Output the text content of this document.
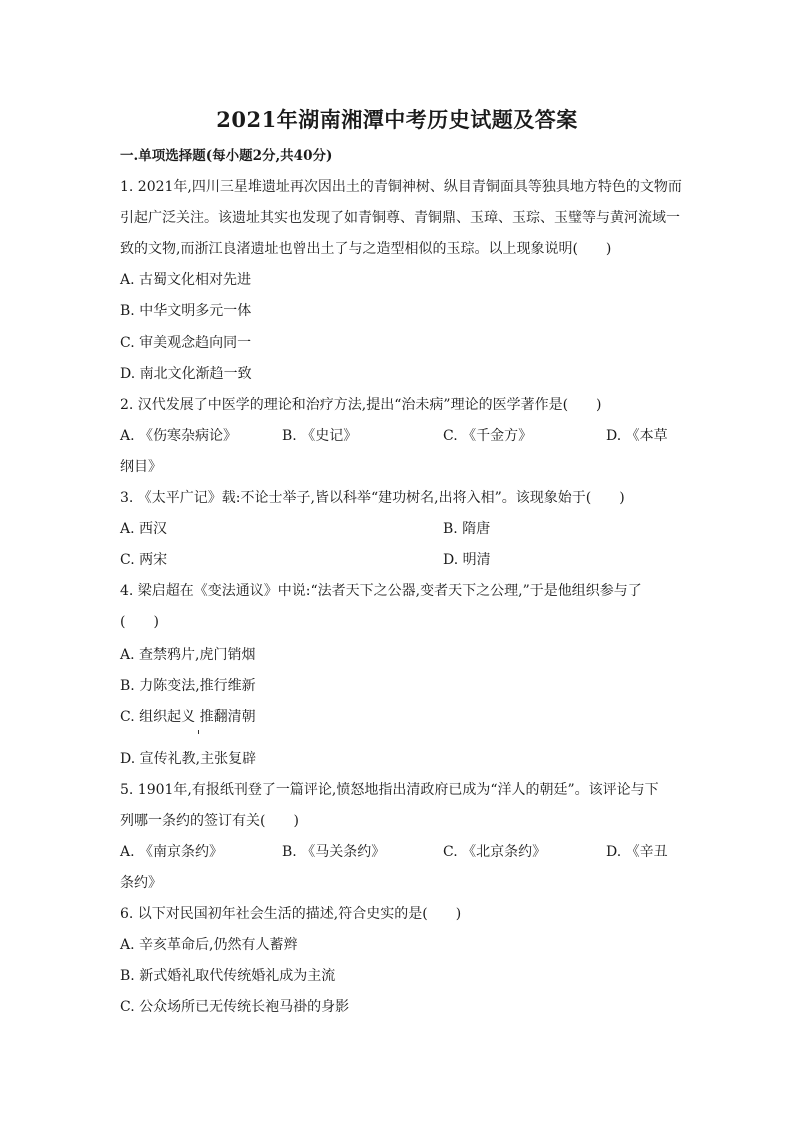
2021年湖南湘潭中考历史试题及答案
一.单项选择题(每小题2分,共40分)
1. 2021年,四川三星堆遗址再次因出土的青铜神树、纵目青铜面具等独具地方特色的文物而
引起广泛关注。该遗址其实也发现了如青铜尊、青铜鼎、玉璋、玉琮、玉璧等与黄河流域一
致的文物,而浙江良渚遗址也曾出土了与之造型相似的玉琮。以上现象说明(　　)
A. 古蜀文化相对先进
B. 中华文明多元一体
C. 审美观念趋向同一
D. 南北文化渐趋一致
2. 汉代发展了中医学的理论和治疗方法,提出“治未病”理论的医学著作是(　　)
A. 《伤寒杂病论》	B. 《史记》	C. 《千金方》	D. 《本草
纲目》
3. 《太平广记》载:不论士举子,皆以科举“建功树名,出将入相”。该现象始于(　　)
A. 西汉	B. 隋唐
C. 两宋	D. 明清
4. 梁启超在《变法通议》中说:“法者天下之公器,变者天下之公理,”于是他组织参与了
(　　)
A. 查禁鸦片,虎门销烟
B. 力陈变法,推行维新
C. 组织起义 推翻清朝
D. 宣传礼教,主张复辟
5. 1901年,有报纸刊登了一篇评论,愤怒地指出清政府已成为“洋人的朝廷”。该评论与下
列哪一条约的签订有关(　　)
A. 《南京条约》	B. 《马关条约》	C. 《北京条约》	D. 《辛丑
条约》
6. 以下对民国初年社会生活的描述,符合史实的是(　　)
A. 辛亥革命后,仍然有人蓄辫
B. 新式婚礼取代传统婚礼成为主流
C. 公众场所已无传统长袍马褂的身影
